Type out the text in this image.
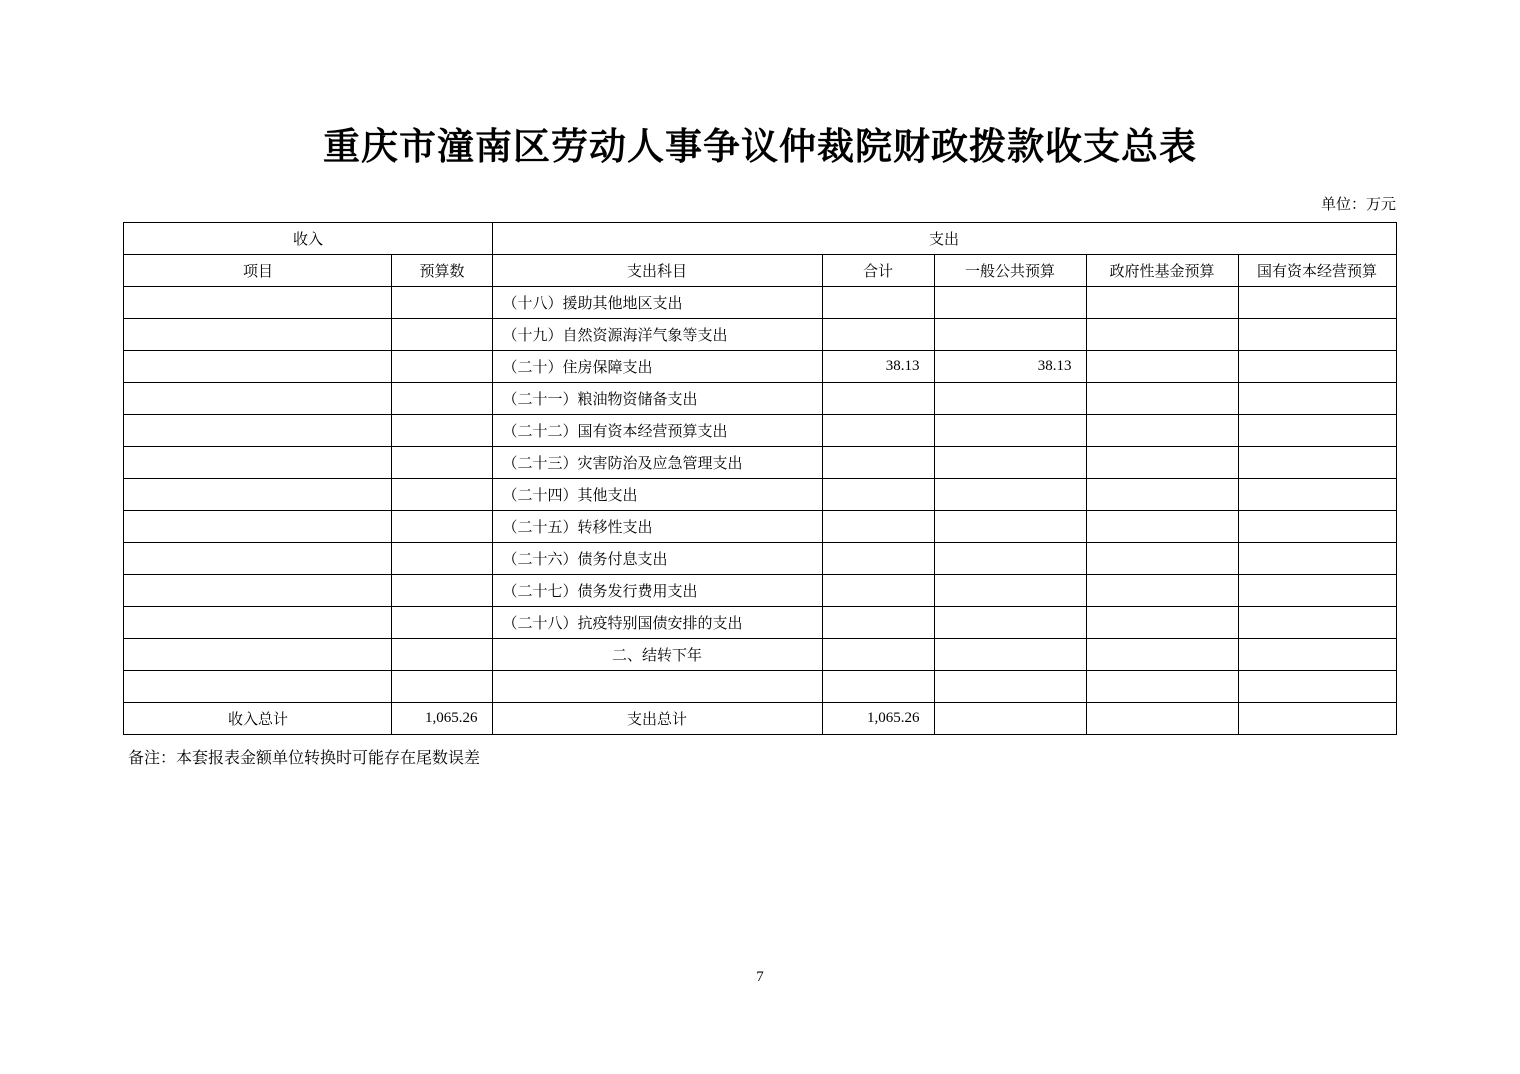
重庆市潼南区劳动人事争议仲裁院财政拨款收支总表
单位：万元
收入		支出				
项目	预算数	支出科目	合计	一般公共预算	政府性基金预算	国有资本经营预算
		（十八）援助其他地区支出				
		（十九）自然资源海洋气象等支出				
		（二十）住房保障支出	38.13	38.13		
		（二十一）粮油物资储备支出				
		（二十二）国有资本经营预算支出				
		（二十三）灾害防治及应急管理支出				
		（二十四）其他支出				
		（二十五）转移性支出				
		（二十六）债务付息支出				
		（二十七）债务发行费用支出				
		（二十八）抗疫特别国债安排的支出				
		二、结转下年				

收入总计	1,065.26	支出总计	1,065.26			
备注：本套报表金额单位转换时可能存在尾数误差
7
